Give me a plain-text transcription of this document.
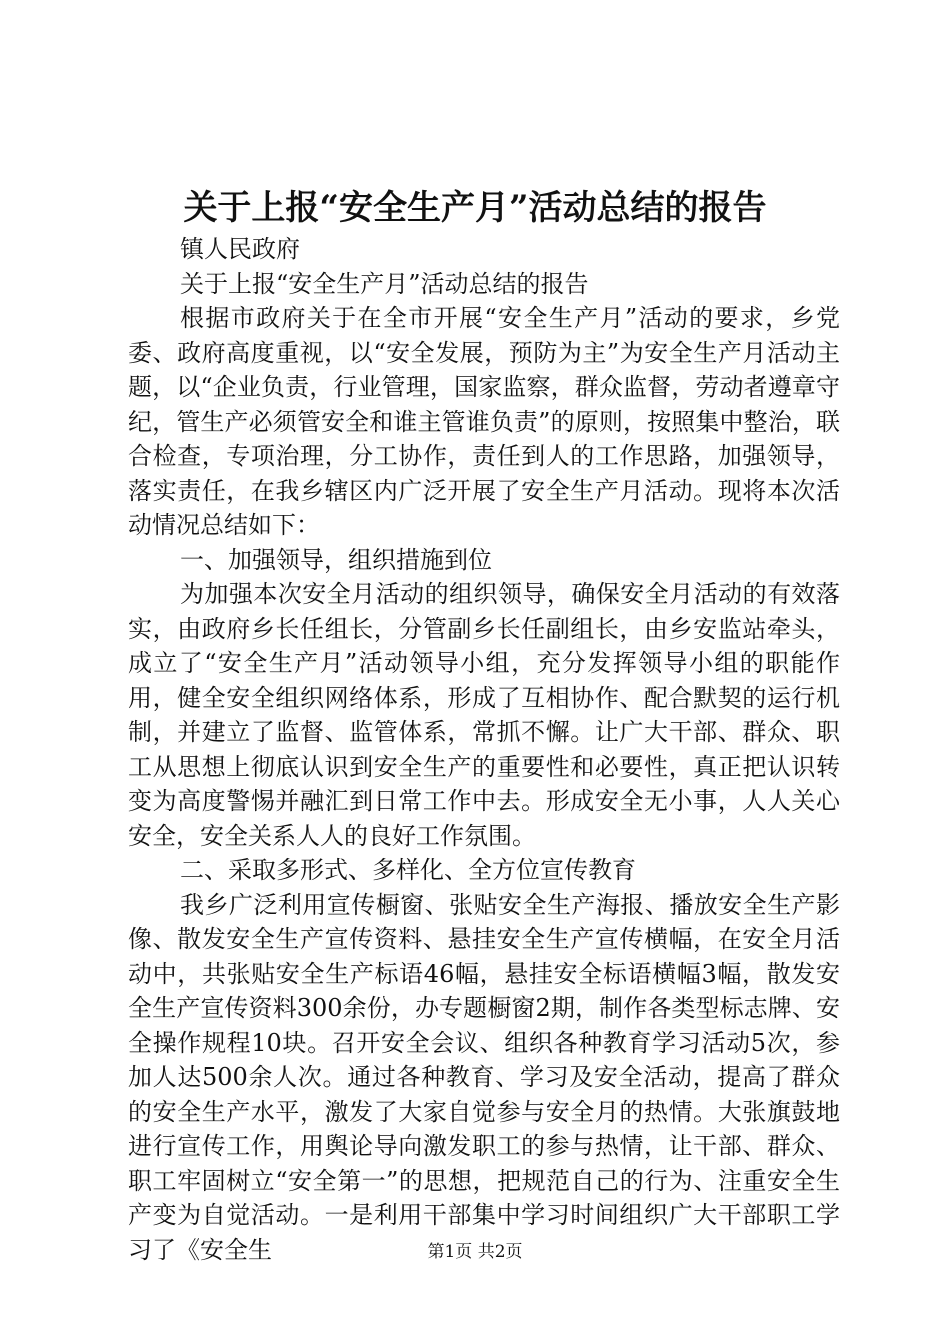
关于上报“安全生产月”活动总结的报告

镇人民政府

关于上报“安全生产月”活动总结的报告

根据市政府关于在全市开展“安全生产月”活动的要求，乡党委、政府高度重视，以“安全发展，预防为主”为安全生产月活动主题，以“企业负责，行业管理，国家监察，群众监督，劳动者遵章守纪，管生产必须管安全和谁主管谁负责”的原则，按照集中整治，联合检查，专项治理，分工协作，责任到人的工作思路，加强领导，落实责任，在我乡辖区内广泛开展了安全生产月活动。现将本次活动情况总结如下：

一、加强领导，组织措施到位

为加强本次安全月活动的组织领导，确保安全月活动的有效落实，由政府乡长任组长，分管副乡长任副组长，由乡安监站牵头，成立了“安全生产月”活动领导小组，充分发挥领导小组的职能作用，健全安全组织网络体系，形成了互相协作、配合默契的运行机制，并建立了监督、监管体系，常抓不懈。让广大干部、群众、职工从思想上彻底认识到安全生产的重要性和必要性，真正把认识转变为高度警惕并融汇到日常工作中去。形成安全无小事，人人关心安全，安全关系人人的良好工作氛围。

二、采取多形式、多样化、全方位宣传教育

我乡广泛利用宣传橱窗、张贴安全生产海报、播放安全生产影像、散发安全生产宣传资料、悬挂安全生产宣传横幅，在安全月活动中，共张贴安全生产标语46幅，悬挂安全标语横幅3幅，散发安全生产宣传资料300余份，办专题橱窗2期，制作各类型标志牌、安全操作规程10块。召开安全会议、组织各种教育学习活动5次，参加人达500余人次。通过各种教育、学习及安全活动，提高了群众的安全生产水平，激发了大家自觉参与安全月的热情。大张旗鼓地进行宣传工作，用舆论导向激发职工的参与热情，让干部、群众、职工牢固树立“安全第一”的思想，把规范自己的行为、注重安全生产变为自觉活动。一是利用干部集中学习时间组织广大干部职工学习了《安全生	第1页 共2页
